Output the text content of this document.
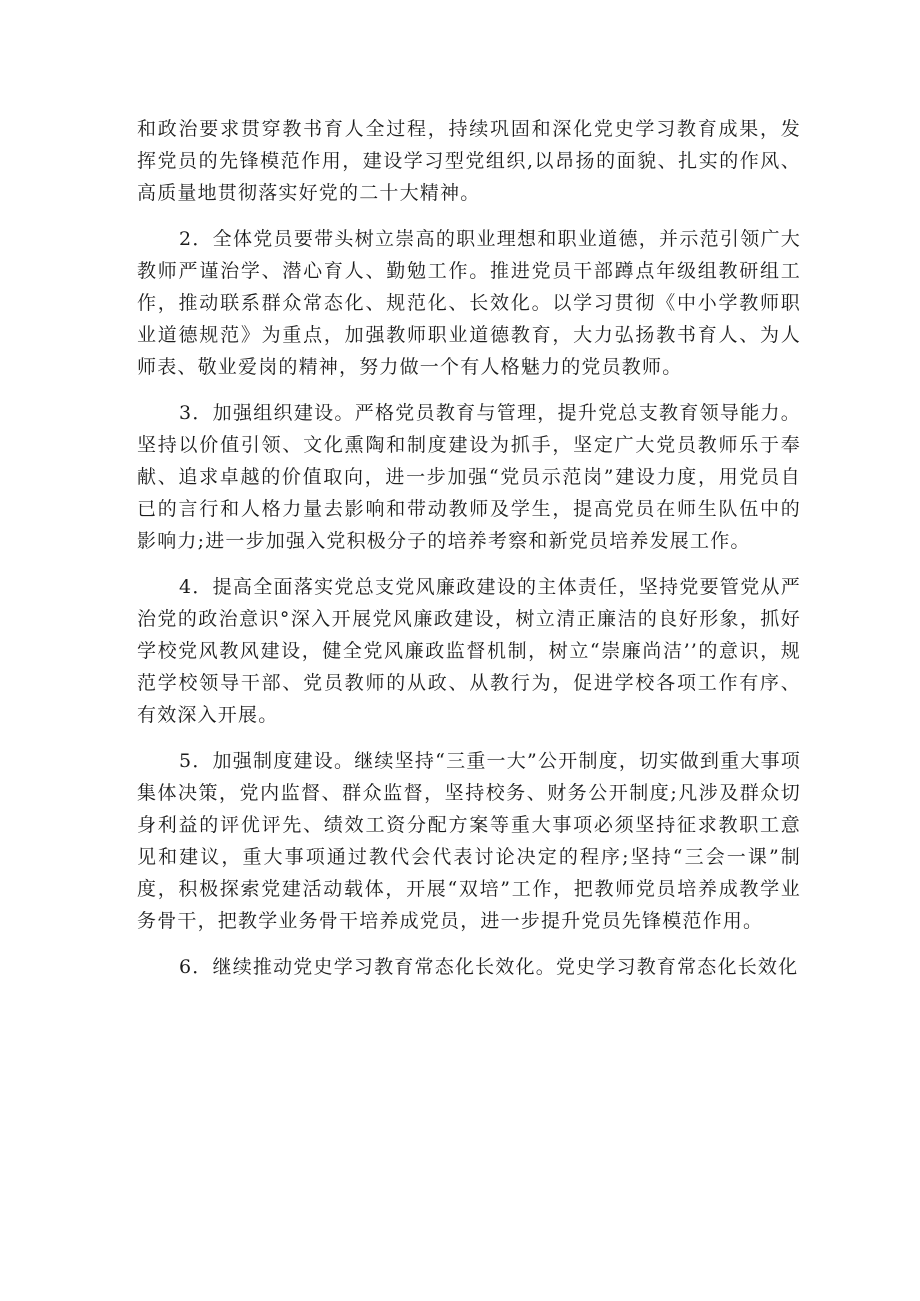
和政治要求贯穿教书育人全过程，持续巩固和深化党史学习教育成果，发挥党员的先锋模范作用，建设学习型党组织,以昂扬的面貌、扎实的作风、高质量地贯彻落实好党的二十大精神。

2．全体党员要带头树立崇高的职业理想和职业道德，并示范引领广大教师严谨治学、潜心育人、勤勉工作。推进党员干部蹲点年级组教研组工作，推动联系群众常态化、规范化、长效化。以学习贯彻《中小学教师职业道德规范》为重点，加强教师职业道德教育，大力弘扬教书育人、为人师表、敬业爱岗的精神，努力做一个有人格魅力的党员教师。

3．加强组织建设。严格党员教育与管理，提升党总支教育领导能力。坚持以价值引领、文化熏陶和制度建设为抓手，坚定广大党员教师乐于奉献、追求卓越的价值取向，进一步加强“党员示范岗”建设力度，用党员自已的言行和人格力量去影响和带动教师及学生，提高党员在师生队伍中的影响力;进一步加强入党积极分子的培养考察和新党员培养发展工作。

4．提高全面落实党总支党风廉政建设的主体责任，坚持党要管党从严治党的政治意识°深入开展党风廉政建设，树立清正廉洁的良好形象，抓好学校党风教风建设，健全党风廉政监督机制，树立“崇廉尚洁’’的意识，规范学校领导干部、党员教师的从政、从教行为，促进学校各项工作有序、有效深入开展。

5．加强制度建设。继续坚持“三重一大”公开制度，切实做到重大事项集体决策，党内监督、群众监督，坚持校务、财务公开制度;凡涉及群众切身利益的评优评先、绩效工资分配方案等重大事项必须坚持征求教职工意见和建议，重大事项通过教代会代表讨论决定的程序;坚持“三会一课”制度，积极探索党建活动载体，开展“双培”工作，把教师党员培养成教学业务骨干，把教学业务骨干培养成党员，进一步提升党员先锋模范作用。

6．继续推动党史学习教育常态化长效化。党史学习教育常态化长效化
